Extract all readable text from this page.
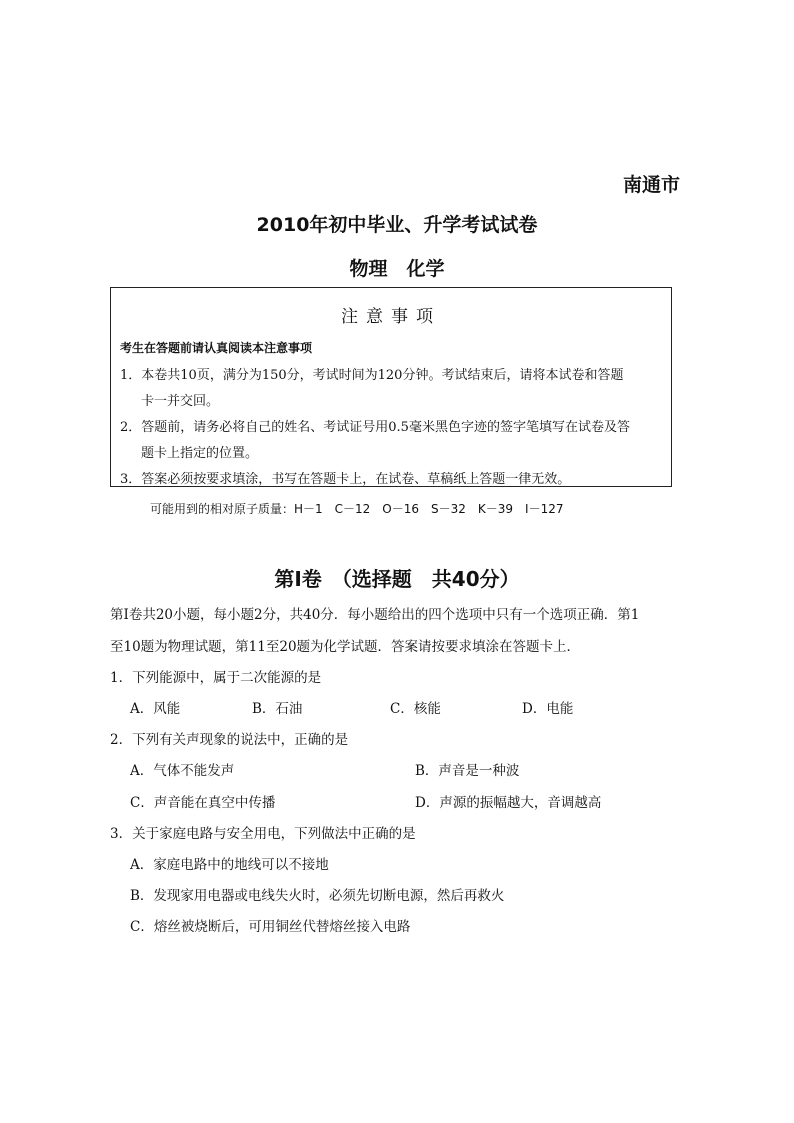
南通市
2010年初中毕业、升学考试试卷
物理　化学
注意事项
考生在答题前请认真阅读本注意事项
1．本卷共10页，满分为150分，考试时间为120分钟。考试结束后，请将本试卷和答题
卡一并交回。
2．答题前，请务必将自己的姓名、考试证号用0.5毫米黑色字迹的签字笔填写在试卷及答
题卡上指定的位置。
3．答案必须按要求填涂，书写在答题卡上，在试卷、草稿纸上答题一律无效。
可能用到的相对原子质量：H－1　C－12　O－16　S－32　K－39　I－127
第Ⅰ卷　（选择题　共40分）
第Ⅰ卷共20小题，每小题2分，共40分．每小题给出的四个选项中只有一个选项正确．第1
至10题为物理试题，第11至20题为化学试题．答案请按要求填涂在答题卡上．
1．下列能源中，属于二次能源的是
A．风能	B．石油	C．核能	D．电能
2．下列有关声现象的说法中，正确的是
A．气体不能发声	B．声音是一种波
C．声音能在真空中传播	D．声源的振幅越大，音调越高
3．关于家庭电路与安全用电，下列做法中正确的是
A．家庭电路中的地线可以不接地
B．发现家用电器或电线失火时，必须先切断电源，然后再救火
C．熔丝被烧断后，可用铜丝代替熔丝接入电路
